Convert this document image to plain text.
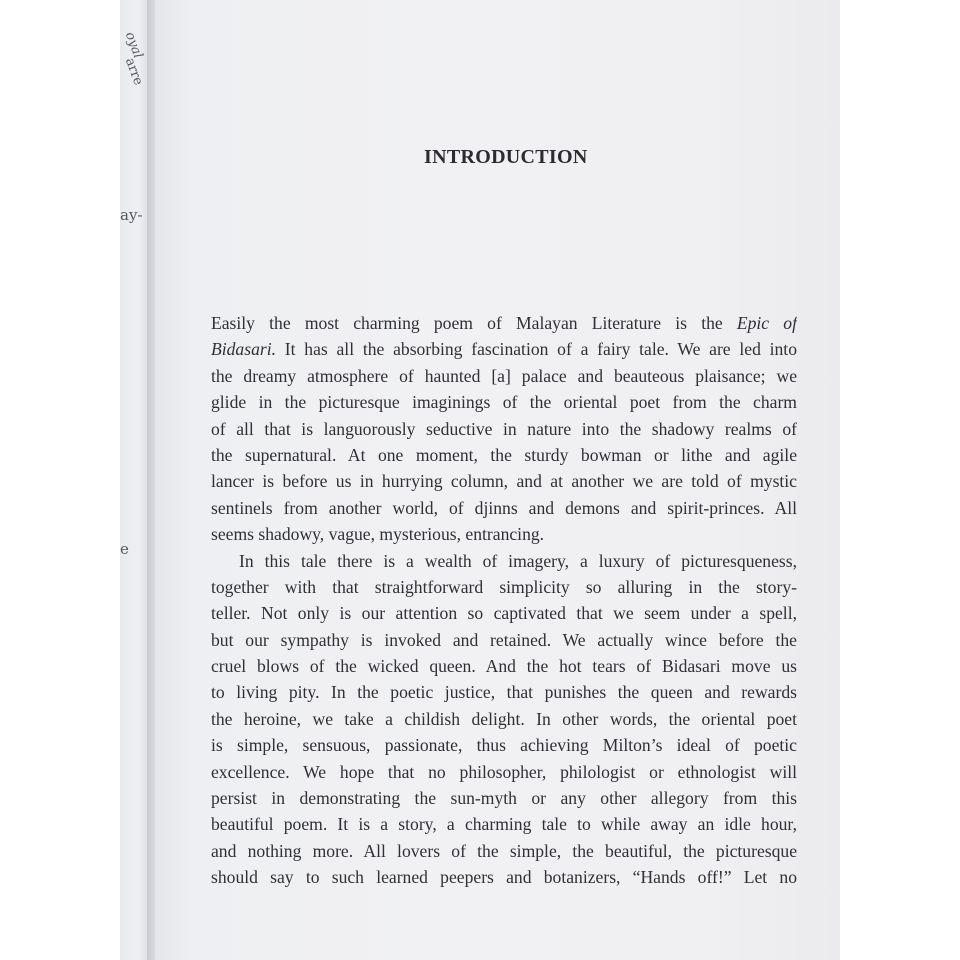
oyal
arre
ay-
e
INTRODUCTION
Easily the most charming poem of Malayan Literature is the Epic of
Bidasari. It has all the absorbing fascination of a fairy tale. We are led into
the dreamy atmosphere of haunted [a] palace and beauteous plaisance; we
glide in the picturesque imaginings of the oriental poet from the charm
of all that is languorously seductive in nature into the shadowy realms of
the supernatural. At one moment, the sturdy bowman or lithe and agile
lancer is before us in hurrying column, and at another we are told of mystic
sentinels from another world, of djinns and demons and spirit-princes. All
seems shadowy, vague, mysterious, entrancing.
In this tale there is a wealth of imagery, a luxury of picturesqueness,
together with that straightforward simplicity so alluring in the story-
teller. Not only is our attention so captivated that we seem under a spell,
but our sympathy is invoked and retained. We actually wince before the
cruel blows of the wicked queen. And the hot tears of Bidasari move us
to living pity. In the poetic justice, that punishes the queen and rewards
the heroine, we take a childish delight. In other words, the oriental poet
is simple, sensuous, passionate, thus achieving Milton’s ideal of poetic
excellence. We hope that no philosopher, philologist or ethnologist will
persist in demonstrating the sun-myth or any other allegory from this
beautiful poem. It is a story, a charming tale to while away an idle hour,
and nothing more. All lovers of the simple, the beautiful, the picturesque
should say to such learned peepers and botanizers, “Hands off!” Let no
